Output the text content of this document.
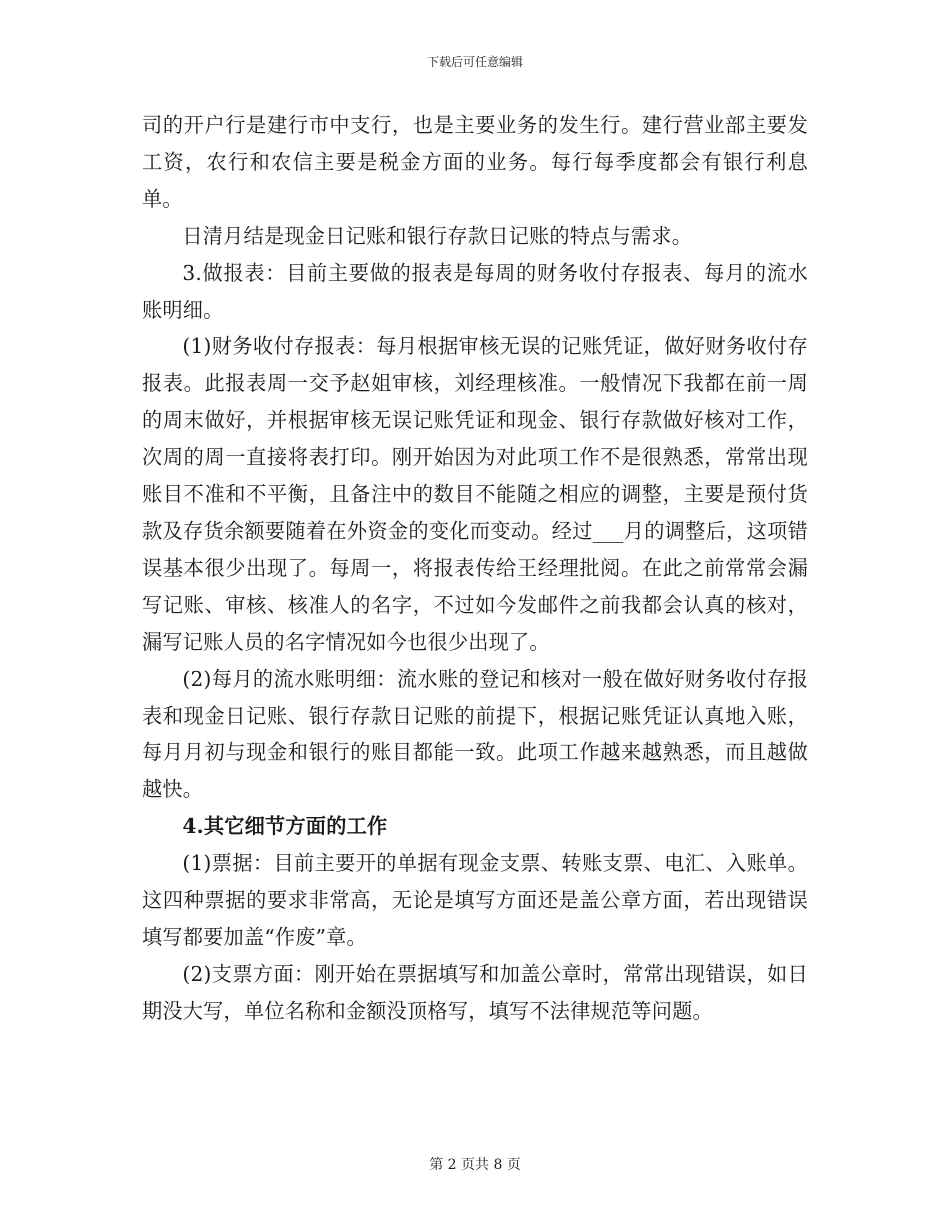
下载后可任意编辑

司的开户行是建行市中支行，也是主要业务的发生行。建行营业部主要发工资，农行和农信主要是税金方面的业务。每行每季度都会有银行利息单。

日清月结是现金日记账和银行存款日记账的特点与需求。

3.做报表：目前主要做的报表是每周的财务收付存报表、每月的流水账明细。

(1)财务收付存报表：每月根据审核无误的记账凭证，做好财务收付存报表。此报表周一交予赵姐审核，刘经理核准。一般情况下我都在前一周的周末做好，并根据审核无误记账凭证和现金、银行存款做好核对工作，次周的周一直接将表打印。刚开始因为对此项工作不是很熟悉，常常出现账目不准和不平衡，且备注中的数目不能随之相应的调整，主要是预付货款及存货余额要随着在外资金的变化而变动。经过___月的调整后，这项错误基本很少出现了。每周一，将报表传给王经理批阅。在此之前常常会漏写记账、审核、核准人的名字，不过如今发邮件之前我都会认真的核对，漏写记账人员的名字情况如今也很少出现了。

(2)每月的流水账明细：流水账的登记和核对一般在做好财务收付存报表和现金日记账、银行存款日记账的前提下，根据记账凭证认真地入账，每月月初与现金和银行的账目都能一致。此项工作越来越熟悉，而且越做越快。

4.其它细节方面的工作

(1)票据：目前主要开的单据有现金支票、转账支票、电汇、入账单。这四种票据的要求非常高，无论是填写方面还是盖公章方面，若出现错误填写都要加盖“作废”章。

(2)支票方面：刚开始在票据填写和加盖公章时，常常出现错误，如日期没大写，单位名称和金额没顶格写，填写不法律规范等问题。

第 2 页共 8 页
